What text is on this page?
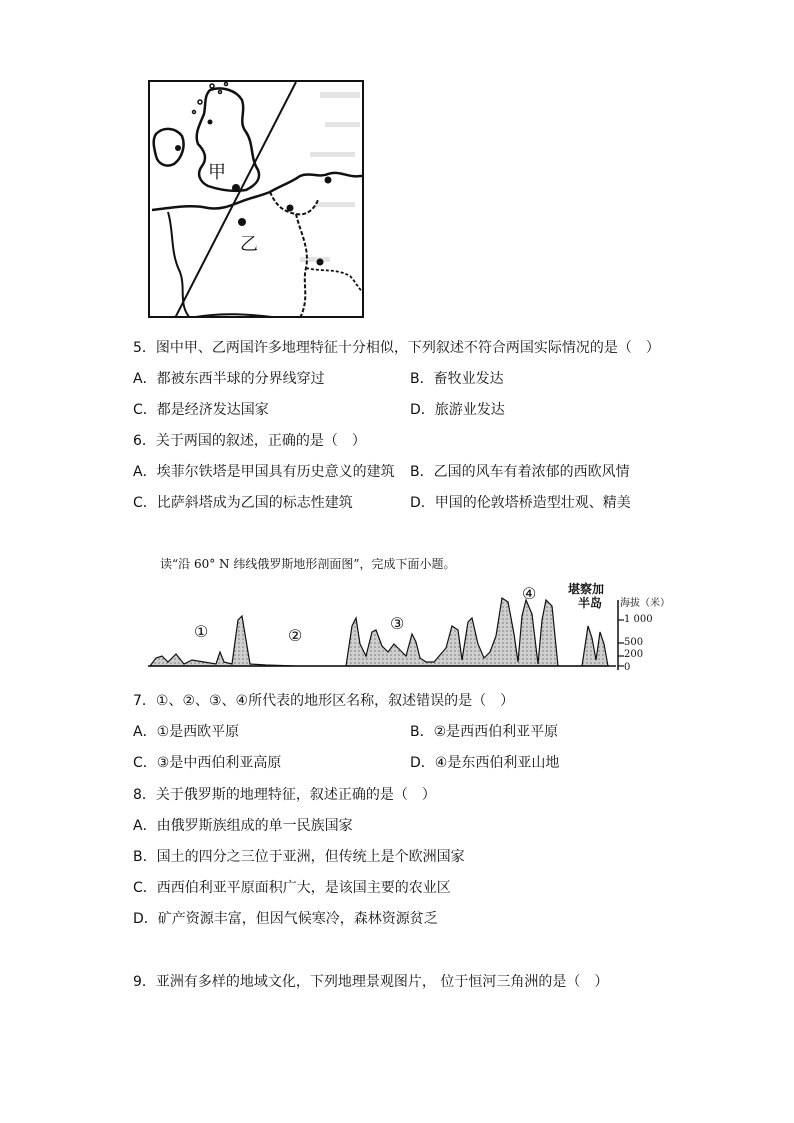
甲
乙
5．图中甲、乙两国许多地理特征十分相似，下列叙述不符合两国实际情况的是（　）
A．都被东西半球的分界线穿过	B．畜牧业发达
C．都是经济发达国家	D．旅游业发达
6．关于两国的叙述，正确的是（　）
A．埃菲尔铁塔是甲国具有历史意义的建筑 B．乙国的风车有着浓郁的西欧风情
C．比萨斜塔成为乙国的标志性建筑	D．甲国的伦敦塔桥造型壮观、精美
读“沿 60° N 纬线俄罗斯地形剖面图”，完成下面小题。
①	②
③
④	堪察加
半岛 海拔（米）
1 000
500
200
0
7．①、②、③、④所代表的地形区名称，叙述错误的是（　）
A．①是西欧平原	B．②是西西伯利亚平原
C．③是中西伯利亚高原	D．④是东西伯利亚山地
8．关于俄罗斯的地理特征，叙述正确的是（　）
A．由俄罗斯族组成的单一民族国家
B．国土的四分之三位于亚洲，但传统上是个欧洲国家
C．西西伯利亚平原面积广大，是该国主要的农业区
D．矿产资源丰富，但因气候寒冷，森林资源贫乏
9．亚洲有多样的地域文化，下列地理景观图片， 位于恒河三角洲的是（　）
